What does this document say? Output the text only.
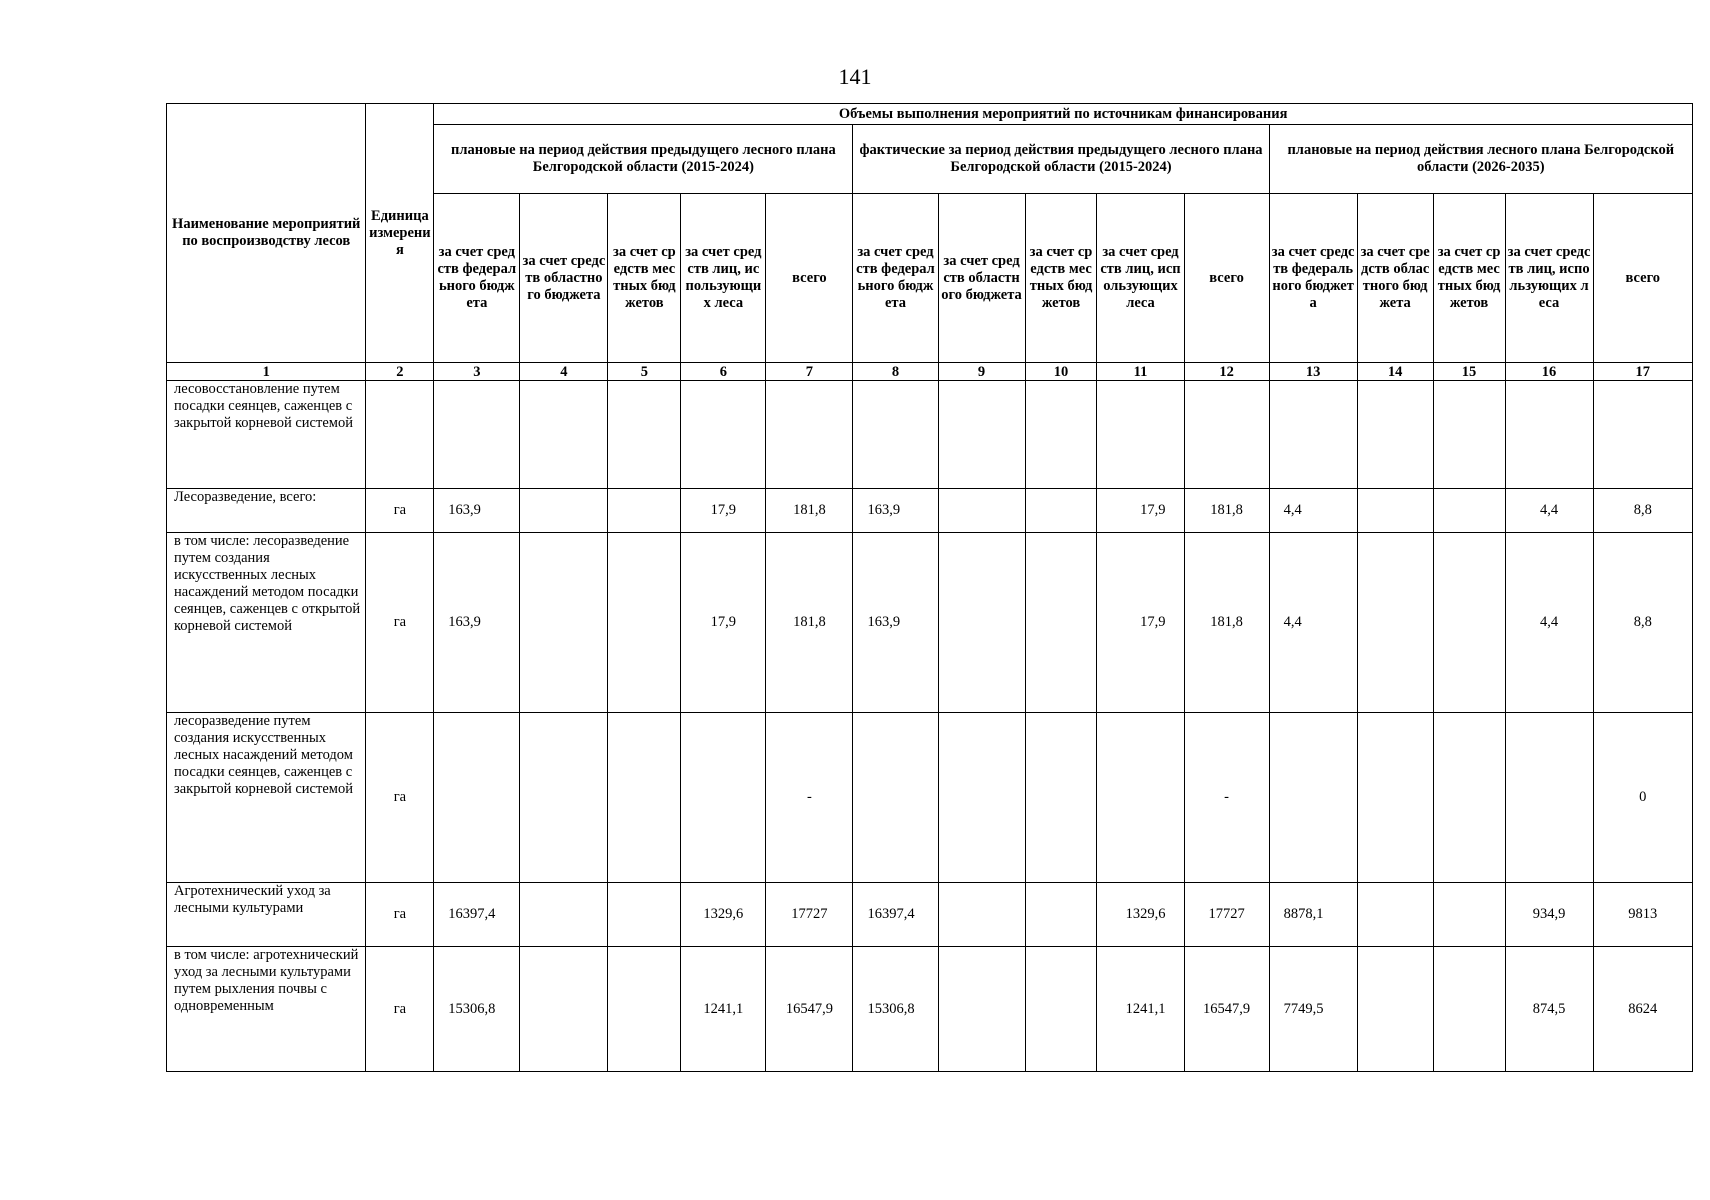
141
Наименование мероприятий по воспроизводству лесов	Единица измерения	Объемы выполнения мероприятий по источникам финансирования														
		плановые на период действия предыдущего лесного плана Белгородской области (2015-2024)					фактические за период действия предыдущего лесного плана Белгородской области (2015-2024)					плановые на период действия лесного плана Белгородской области (2026-2035)				
		за счет средств федерального бюджета	за счет средств областного бюджета	за счет средств местных бюджетов	за счет средств лиц, использующих леса	всего	за счет средств федерального бюджета	за счет средств областного бюджета	за счет средств местных бюджетов	за счет средств лиц, использующих леса	всего	за счет средств федерального бюджета	за счет средств областного бюджета	за счет средств местных бюджетов	за счет средств лиц, использующих леса	всего
1	2	3	4	5	6	7	8	9	10	11	12	13	14	15	16	17
лесовосстановление путем посадки сеянцев, саженцев с закрытой корневой системой																
Лесоразведение, всего:	га	163,9			17,9	181,8	163,9			17,9	181,8	4,4			4,4	8,8
в том числе: лесоразведение путем создания искусственных лесных насаждений методом посадки сеянцев, саженцев с открытой корневой системой	га	163,9			17,9	181,8	163,9			17,9	181,8	4,4			4,4	8,8
лесоразведение путем создания искусственных лесных насаждений методом посадки сеянцев, саженцев с закрытой корневой системой	га					-					-					0
Агротехнический уход за лесными культурами	га	16397,4			1329,6	17727	16397,4			1329,6	17727	8878,1			934,9	9813
в том числе: агротехнический уход за лесными культурами путем рыхления почвы с одновременным	га	15306,8			1241,1	16547,9	15306,8			1241,1	16547,9	7749,5			874,5	8624
